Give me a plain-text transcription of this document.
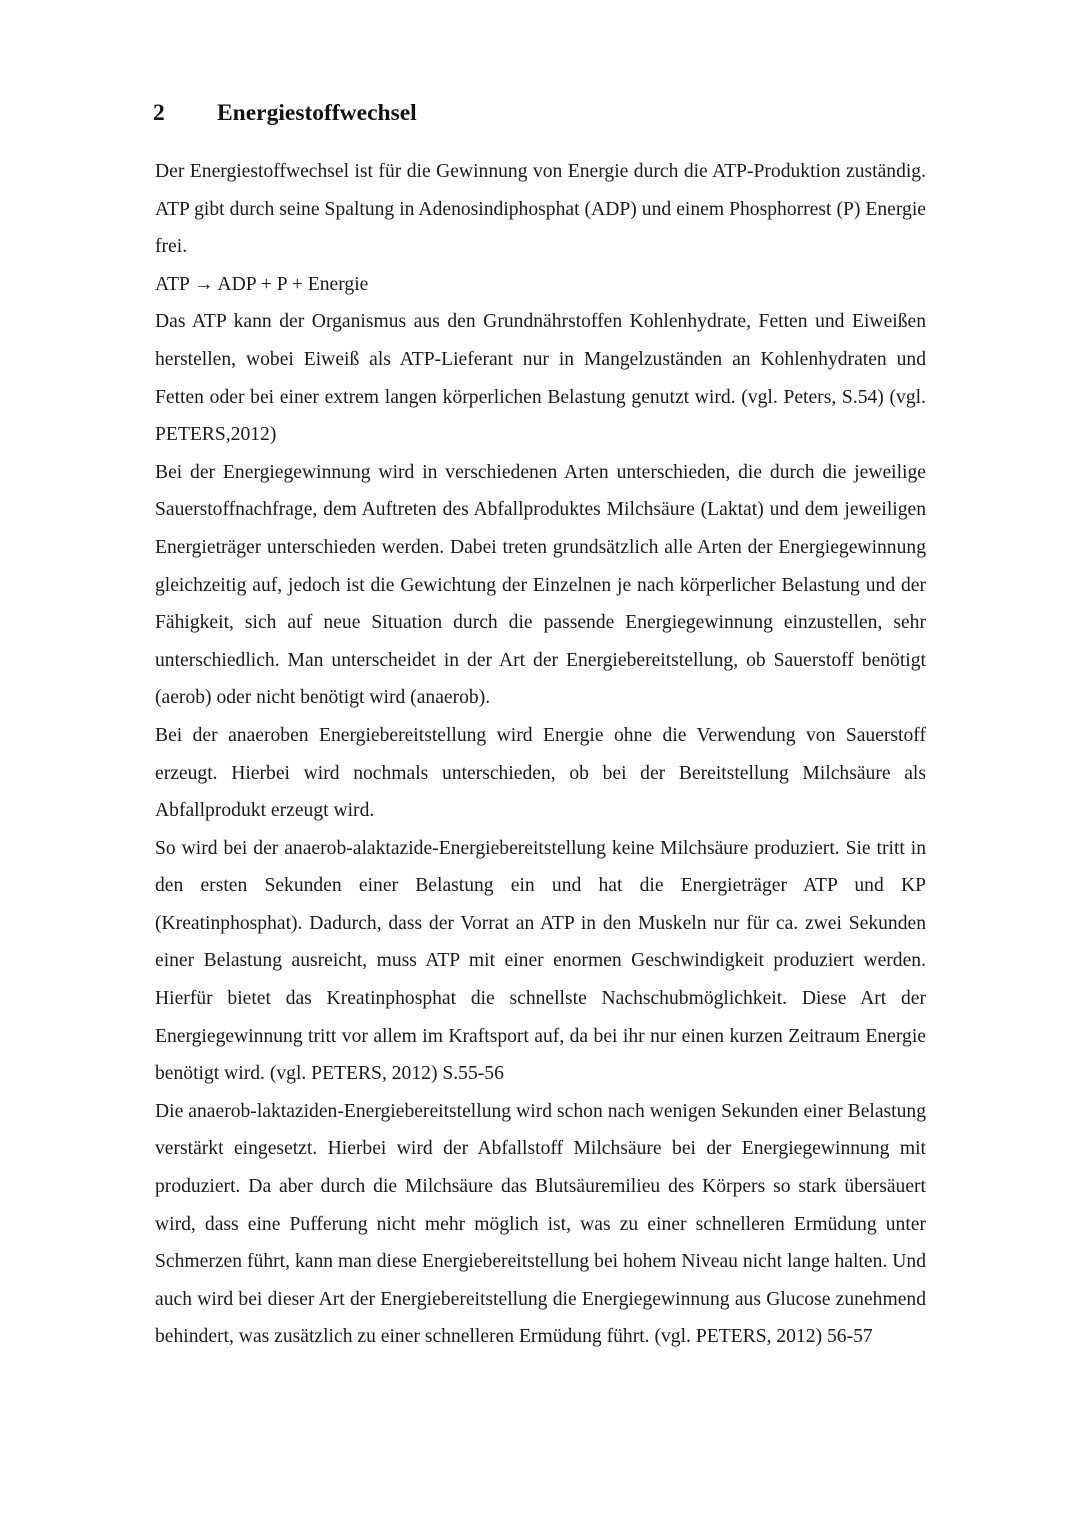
2	Energiestoffwechsel

Der Energiestoffwechsel ist für die Gewinnung von Energie durch die ATP-Produktion zuständig. ATP gibt durch seine Spaltung in Adenosindiphosphat (ADP) und einem Phosphorrest (P) Energie frei.

ATP → ADP + P + Energie

Das ATP kann der Organismus aus den Grundnährstoffen Kohlenhydrate, Fetten und Eiweißen herstellen, wobei Eiweiß als ATP-Lieferant nur in Mangelzuständen an Kohlenhydraten und Fetten oder bei einer extrem langen körperlichen Belastung genutzt wird. (vgl. Peters, S.54) (vgl. PETERS,2012)

Bei der Energiegewinnung wird in verschiedenen Arten unterschieden, die durch die jeweilige Sauerstoffnachfrage, dem Auftreten des Abfallproduktes Milchsäure (Laktat) und dem jeweiligen Energieträger unterschieden werden. Dabei treten grundsätzlich alle Arten der Energiegewinnung gleichzeitig auf, jedoch ist die Gewichtung der Einzelnen je nach körperlicher Belastung und der Fähigkeit, sich auf neue Situation durch die passende Energiegewinnung einzustellen, sehr unterschiedlich. Man unterscheidet in der Art der Energiebereitstellung, ob Sauerstoff benötigt (aerob) oder nicht benötigt wird (anaerob).

Bei der anaeroben Energiebereitstellung wird Energie ohne die Verwendung von Sauerstoff erzeugt. Hierbei wird nochmals unterschieden, ob bei der Bereitstellung Milchsäure als Abfallprodukt erzeugt wird.

So wird bei der anaerob-alaktazide-Energiebereitstellung keine Milchsäure produziert. Sie tritt in den ersten Sekunden einer Belastung ein und hat die Energieträger ATP und KP (Kreatinphosphat). Dadurch, dass der Vorrat an ATP in den Muskeln nur für ca. zwei Sekunden einer Belastung ausreicht, muss ATP mit einer enormen Geschwindigkeit produziert werden. Hierfür bietet das Kreatinphosphat die schnellste Nachschubmöglichkeit. Diese Art der Energiegewinnung tritt vor allem im Kraftsport auf, da bei ihr nur einen kurzen Zeitraum Energie benötigt wird. (vgl. PETERS, 2012) S.55-56

Die anaerob-laktaziden-Energiebereitstellung wird schon nach wenigen Sekunden einer Belastung verstärkt eingesetzt. Hierbei wird der Abfallstoff Milchsäure bei der Energiegewinnung mit produziert. Da aber durch die Milchsäure das Blutsäuremilieu des Körpers so stark übersäuert wird, dass eine Pufferung nicht mehr möglich ist, was zu einer schnelleren Ermüdung unter Schmerzen führt, kann man diese Energiebereitstellung bei hohem Niveau nicht lange halten. Und auch wird bei dieser Art der Energiebereitstellung die Energiegewinnung aus Glucose zunehmend behindert, was zusätzlich zu einer schnelleren Ermüdung führt. (vgl. PETERS, 2012) 56-57
